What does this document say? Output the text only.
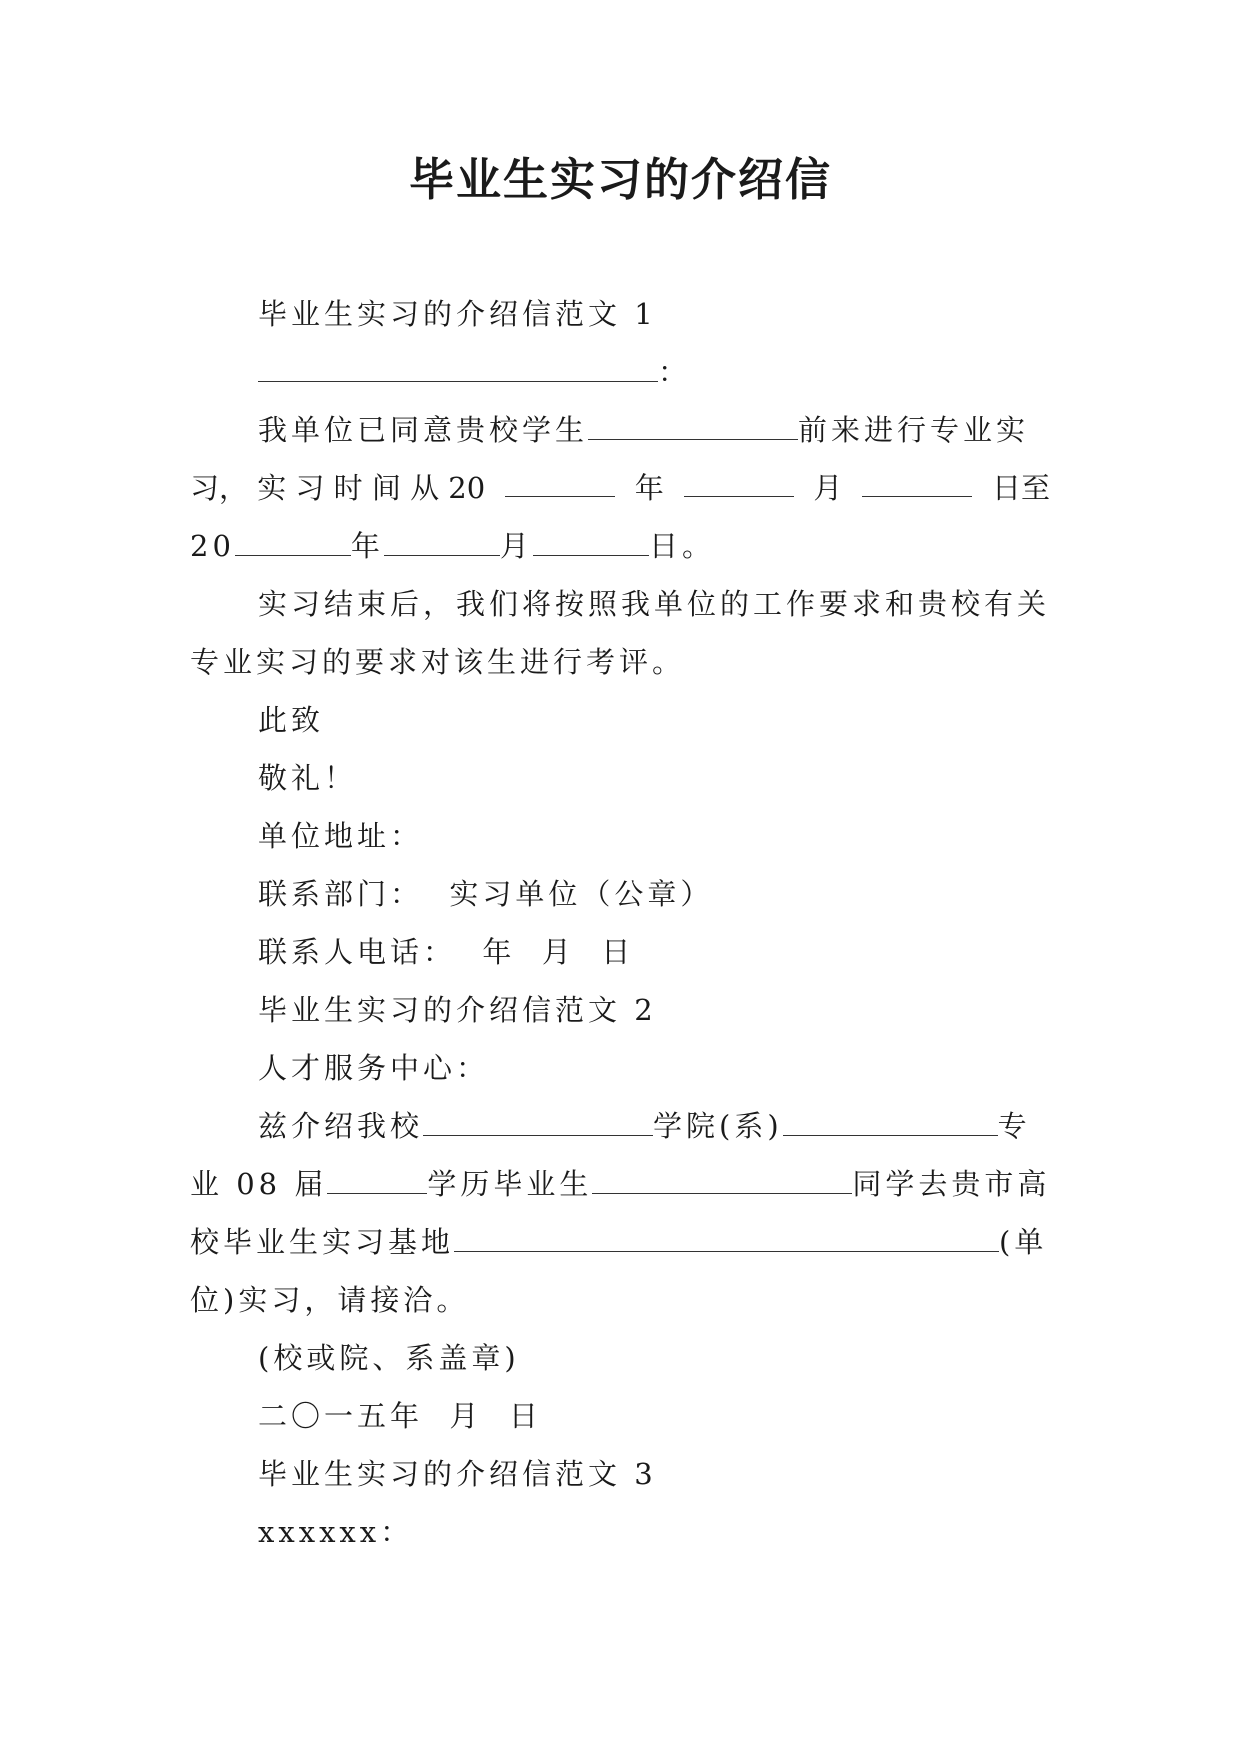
毕业生实习的介绍信
毕业生实习的介绍信范文 1
：
我单位已同意贵校学生	前来进行专业实
习， 实 习 时 间 从 20	年	月	日至
20	年	月	日。
实习结束后，我们将按照我单位的工作要求和贵校有关
专业实习的要求对该生进行考评。
此致
敬礼！
单位地址：
联系部门：  实习单位（公章）
联系人电话：  年  月  日
毕业生实习的介绍信范文 2
人才服务中心：
兹介绍我校	学院(系)	专
业 08 届	学历毕业生	同学去贵市高
校毕业生实习基地	(单
位)实习，请接洽。
(校或院、系盖章)
二〇一五年  月  日
毕业生实习的介绍信范文 3
xxxxxx：
